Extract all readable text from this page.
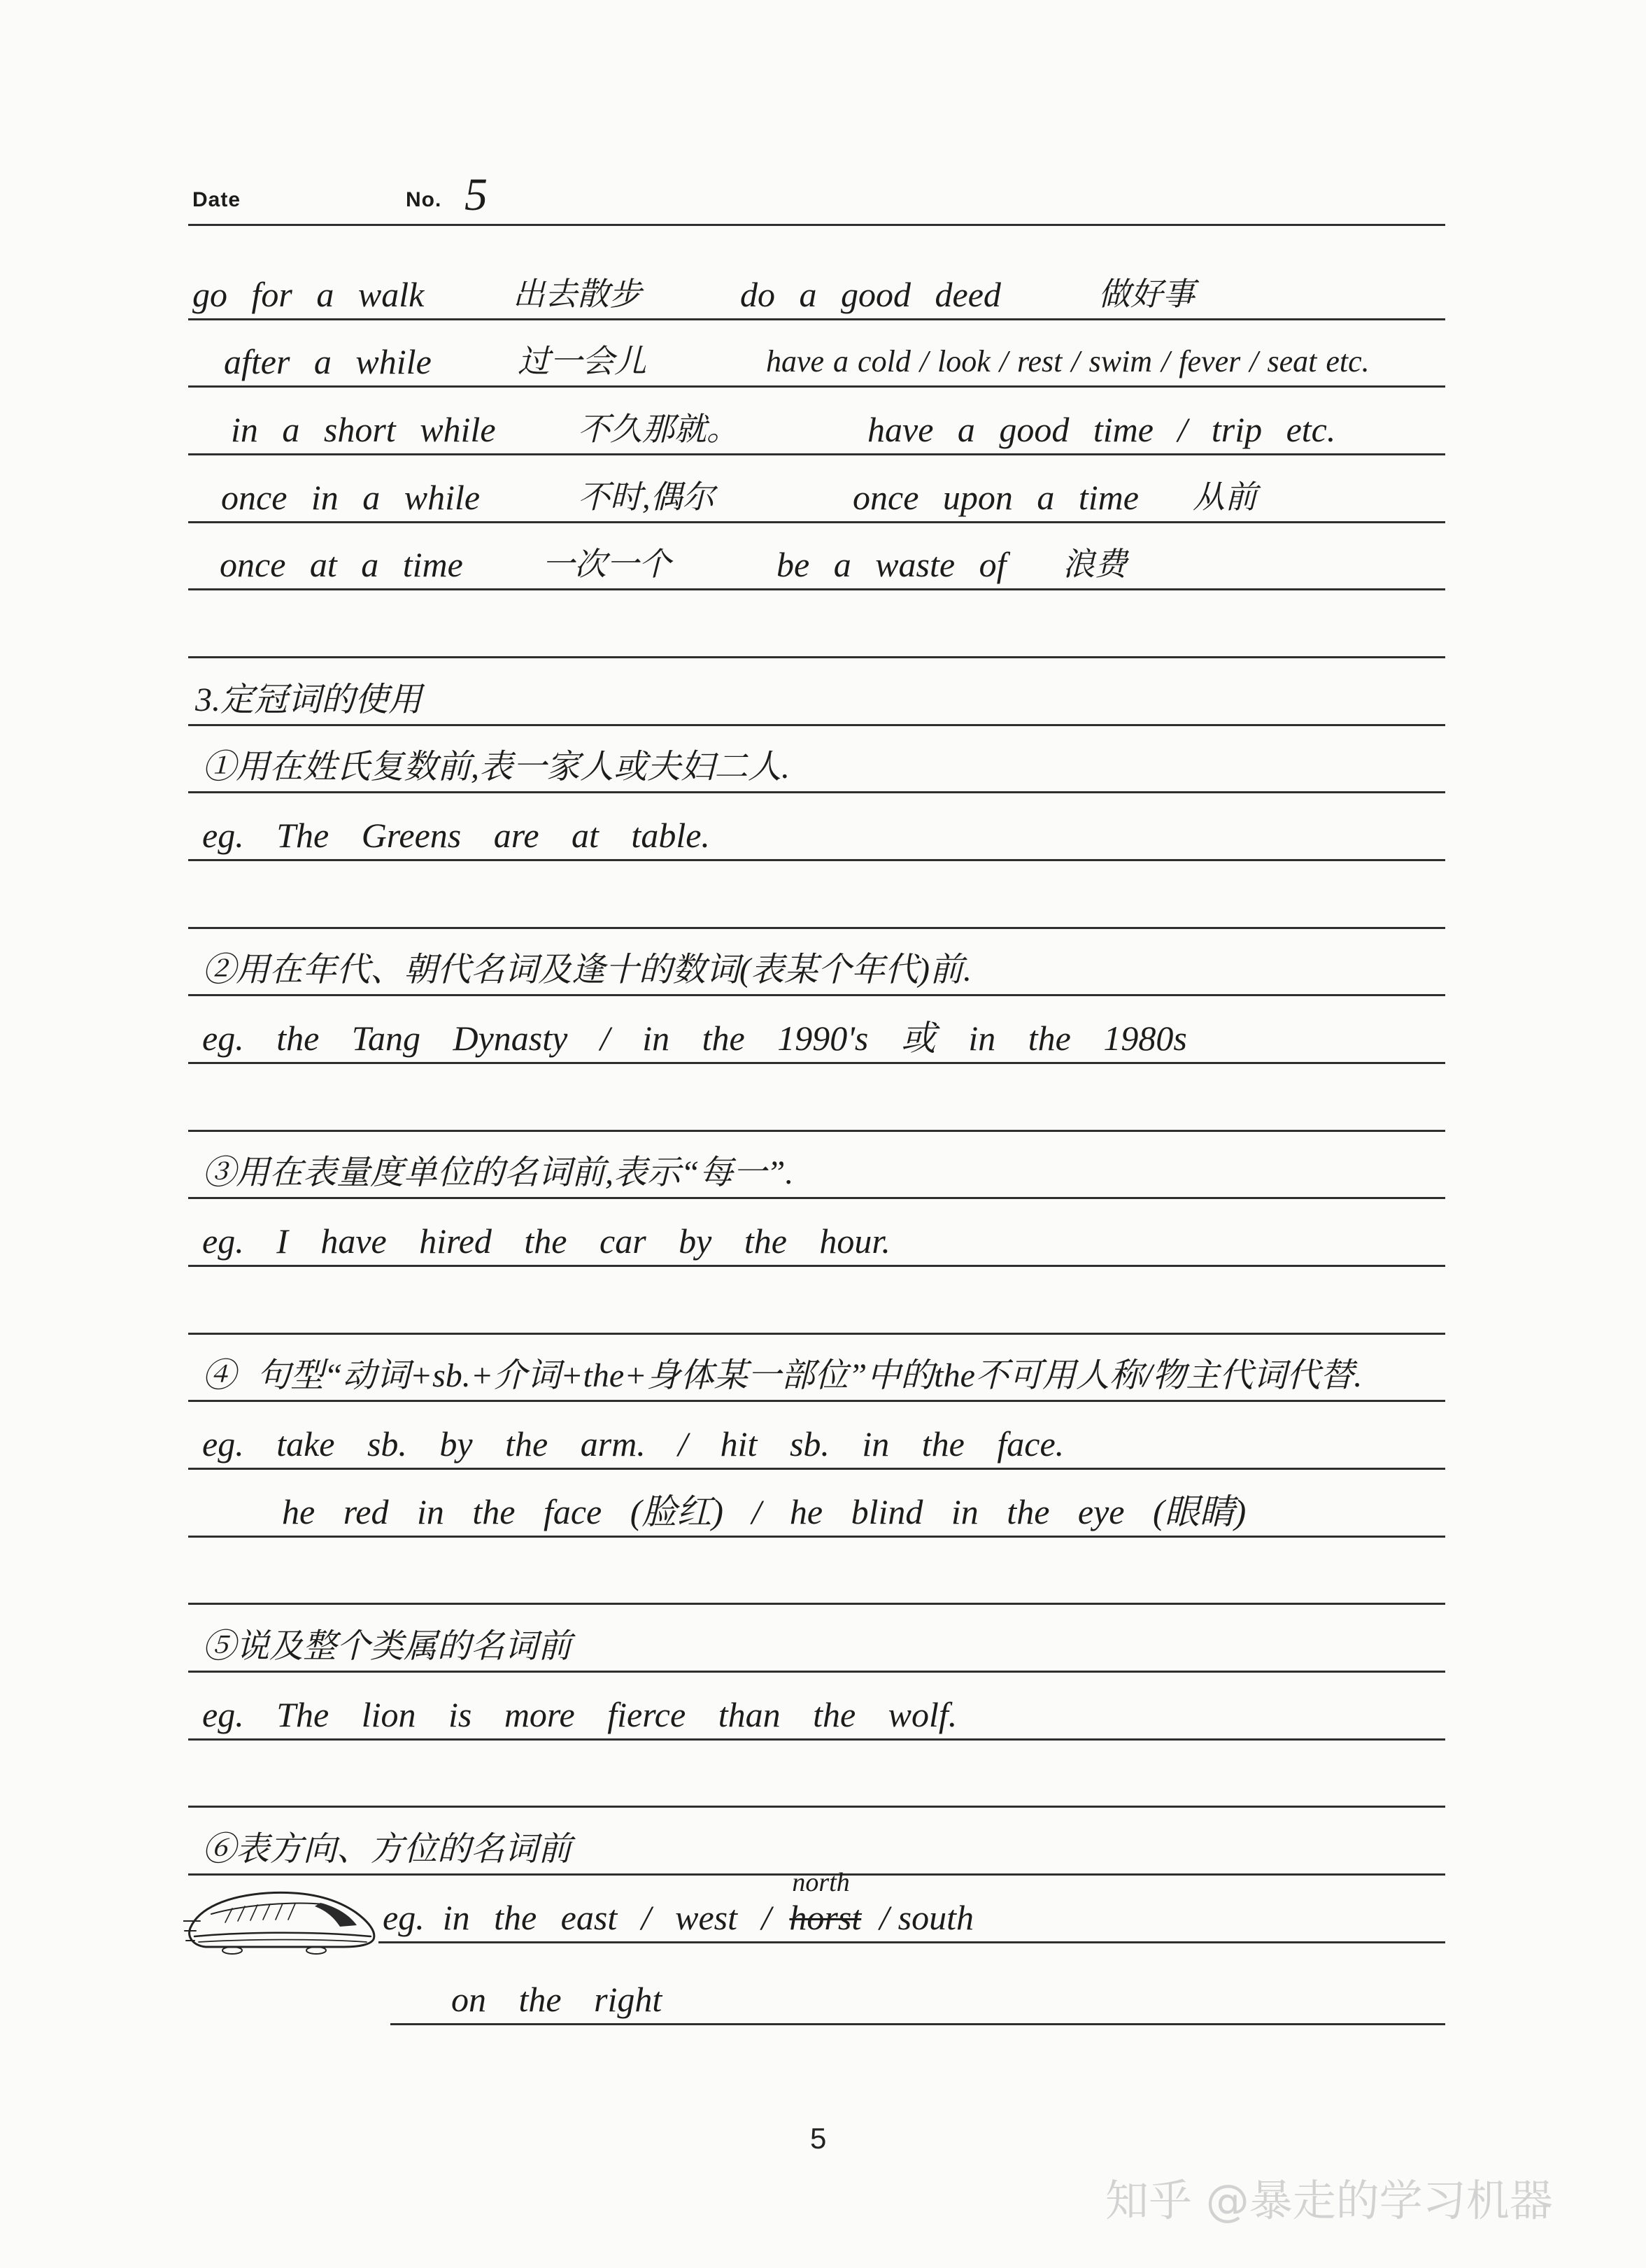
Date	No. 5
go for a walk	出去散步	do a good deed	做好事
after a while	过一会儿	have a cold / look / rest / swim / fever / seat etc.
in a short while	不久那就。	have a good time / trip etc.
once in a while	不时,偶尔	once upon a time 从前
once at a time 一次一个	be a waste of 浪费
3.定冠词的使用
①用在姓氏复数前,表一家人或夫妇二人.
eg. The Greens are at table.
②用在年代、朝代名词及逢十的数词(表某个年代)前.
eg. the Tang Dynasty / in the 1990's 或 in the 1980s
③用在表量度单位的名词前,表示“每一”.
eg. I have hired the car by the hour.
④ 句型“动词+sb.+介词+the+身体某一部位”中的the不可用人称/物主代词代替.
eg. take sb. by the arm. / hit sb. in the face.
he red in the face (脸红) / he blind in the eye (眼睛)
⑤说及整个类属的名词前
eg. The lion is more fierce than the wolf.
⑥表方向、方位的名词前
eg. in the east / west / horst
north
/ south
on the right
5
知乎 @暴走的学习机器
